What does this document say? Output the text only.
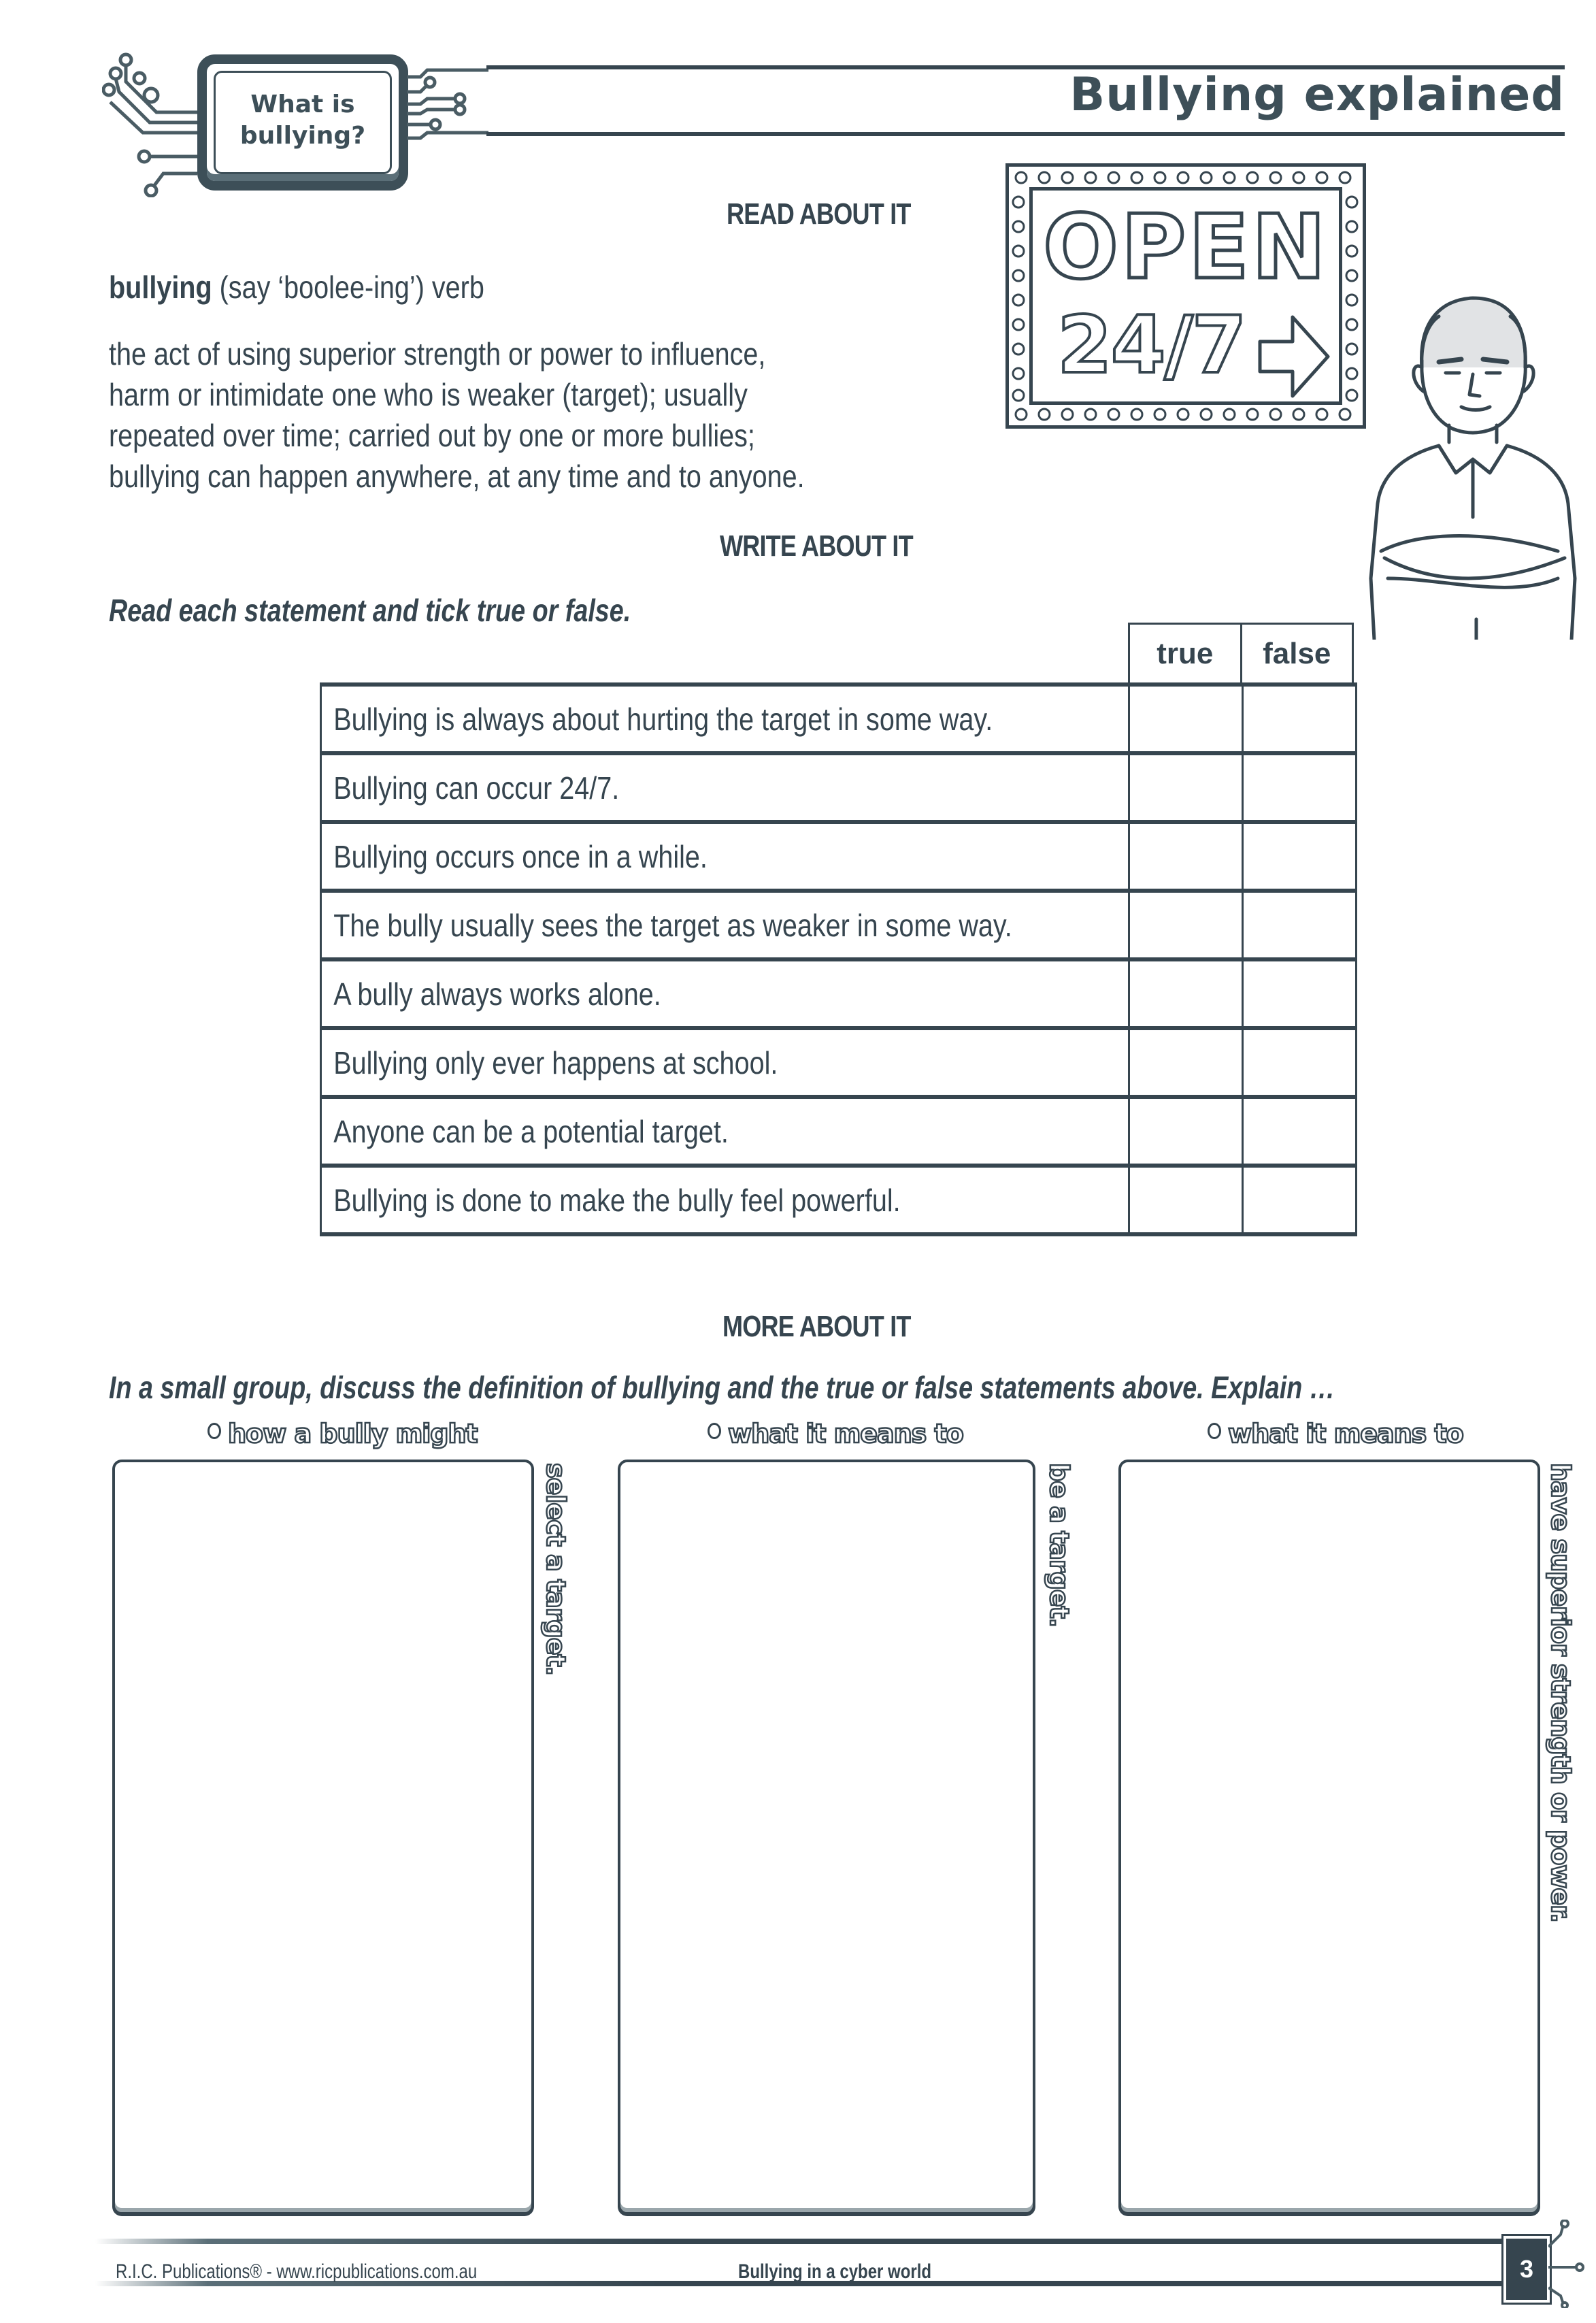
What is
bullying?
Bullying explained
READ ABOUT IT
bullying (say ‘boolee-ing’) verb
the act of using superior strength or power to influence,
harm or intimidate one who is weaker (target); usually
repeated over time; carried out by one or more bullies;
bullying can happen anywhere, at any time and to anyone.
OPEN
24/7
WRITE ABOUT IT
Read each statement and tick true or false.
true	false
Bullying is always about hurting the target in some way.		
Bullying can occur 24/7.		
Bullying occurs once in a while.		
The bully usually sees the target as weaker in some way.		
A bully always works alone.		
Bullying only ever happens at school.		
Anyone can be a potential target.		
Bullying is done to make the bully feel powerful.		
MORE ABOUT IT
In a small group, discuss the definition of bullying and the true or false statements above. Explain …
how a bully might
select a target.
what it means to
be a target.
what it means to
have superior strength or power.
R.I.C. Publications® - www.ricpublications.com.au	Bullying in a cyber world	3
